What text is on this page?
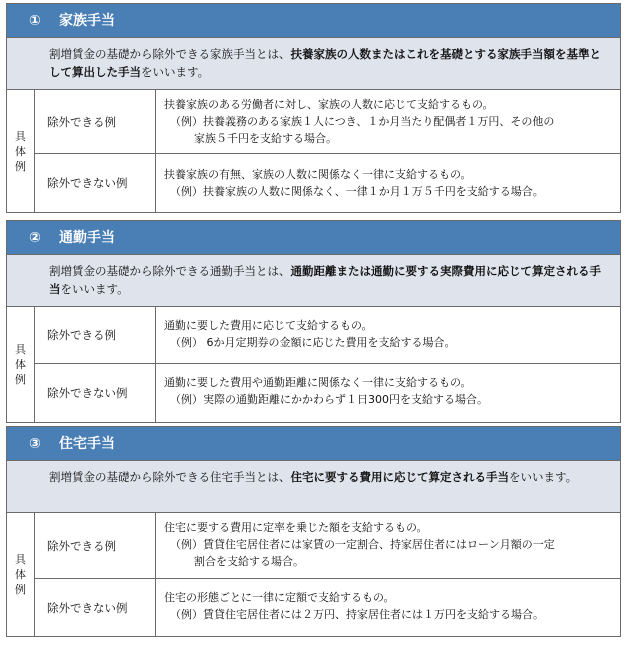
① 家族手当
割増賃金の基礎から除外できる家族手当とは、扶養家族の人数またはこれを基礎とする家族手当額を基準として算出した手当をいいます。
具
体
例
除外できる例
扶養家族のある労働者に対し、家族の人数に応じて支給するもの。
（例）扶養義務のある家族１人につき、１か月当たり配偶者１万円、その他の
家族５千円を支給する場合。
除外できない例
扶養家族の有無、家族の人数に関係なく一律に支給するもの。
（例）扶養家族の人数に関係なく、一律１か月１万５千円を支給する場合。
② 通勤手当
割増賃金の基礎から除外できる通勤手当とは、通勤距離または通勤に要する実際費用に応じて算定される手当をいいます。
具
体
例
除外できる例
通勤に要した費用に応じて支給するもの。
（例） 6か月定期券の金額に応じた費用を支給する場合。
除外できない例
通勤に要した費用や通勤距離に関係なく一律に支給するもの。
（例）実際の通勤距離にかかわらず１日300円を支給する場合。
③ 住宅手当
割増賃金の基礎から除外できる住宅手当とは、住宅に要する費用に応じて算定される手当をいいます。
具
体
例
除外できる例
住宅に要する費用に定率を乗じた額を支給するもの。
（例）賃貸住宅居住者には家賃の一定割合、持家居住者にはローン月額の一定
割合を支給する場合。
除外できない例
住宅の形態ごとに一律に定額で支給するもの。
（例）賃貸住宅居住者には２万円、持家居住者には１万円を支給する場合。
